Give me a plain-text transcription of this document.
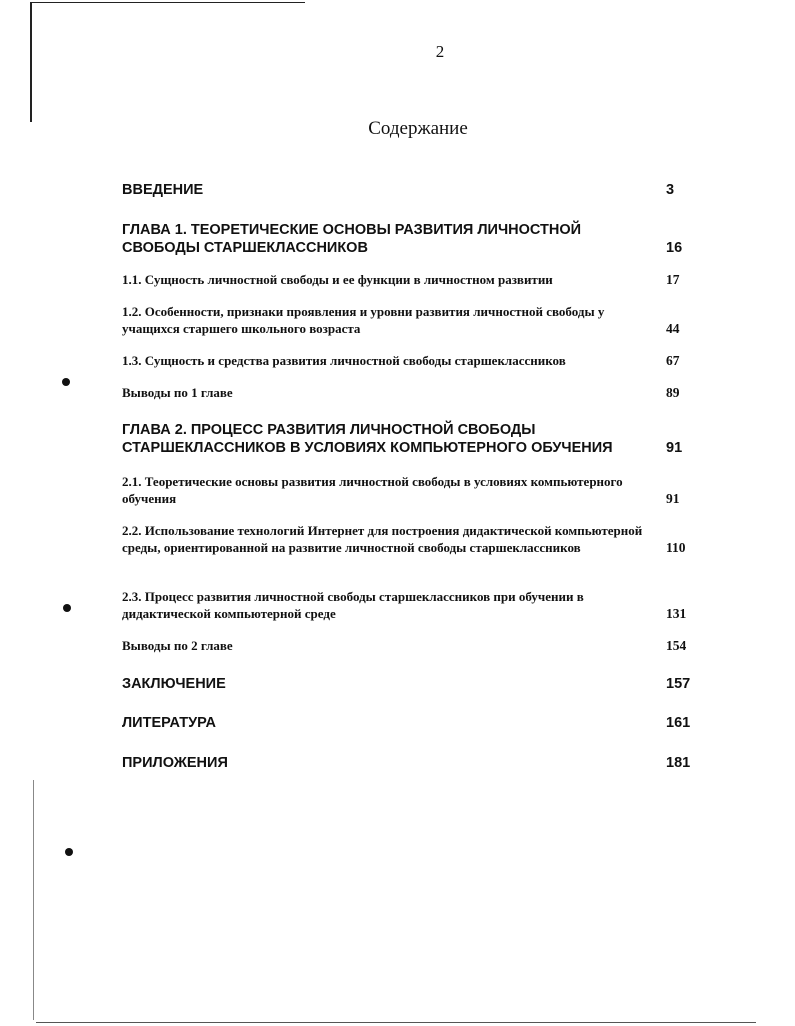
2
Содержание
ВВЕДЕНИЕ	3
ГЛАВА 1. ТЕОРЕТИЧЕСКИЕ ОСНОВЫ РАЗВИТИЯ ЛИЧНОСТНОЙ СВОБОДЫ СТАРШЕКЛАССНИКОВ	16
1.1. Сущность личностной свободы и ее функции в личностном развитии	17
1.2. Особенности, признаки проявления и уровни развития личностной свободы у учащихся старшего школьного возраста	44
1.3. Сущность и средства развития личностной свободы старшеклассников	67
Выводы по 1 главе	89
ГЛАВА 2. ПРОЦЕСС РАЗВИТИЯ ЛИЧНОСТНОЙ СВОБОДЫ СТАРШЕКЛАССНИКОВ В УСЛОВИЯХ КОМПЬЮТЕРНОГО ОБУЧЕНИЯ	91
2.1. Теоретические основы развития личностной свободы в условиях компьютерного обучения	91
2.2. Использование технологий Интернет для построения дидактической компьютерной среды, ориентированной на развитие личностной свободы старшеклассников	110
2.3. Процесс развития личностной свободы старшеклассников при обучении в дидактической компьютерной среде	131
Выводы по 2 главе	154
ЗАКЛЮЧЕНИЕ	157
ЛИТЕРАТУРА	161
ПРИЛОЖЕНИЯ	181
